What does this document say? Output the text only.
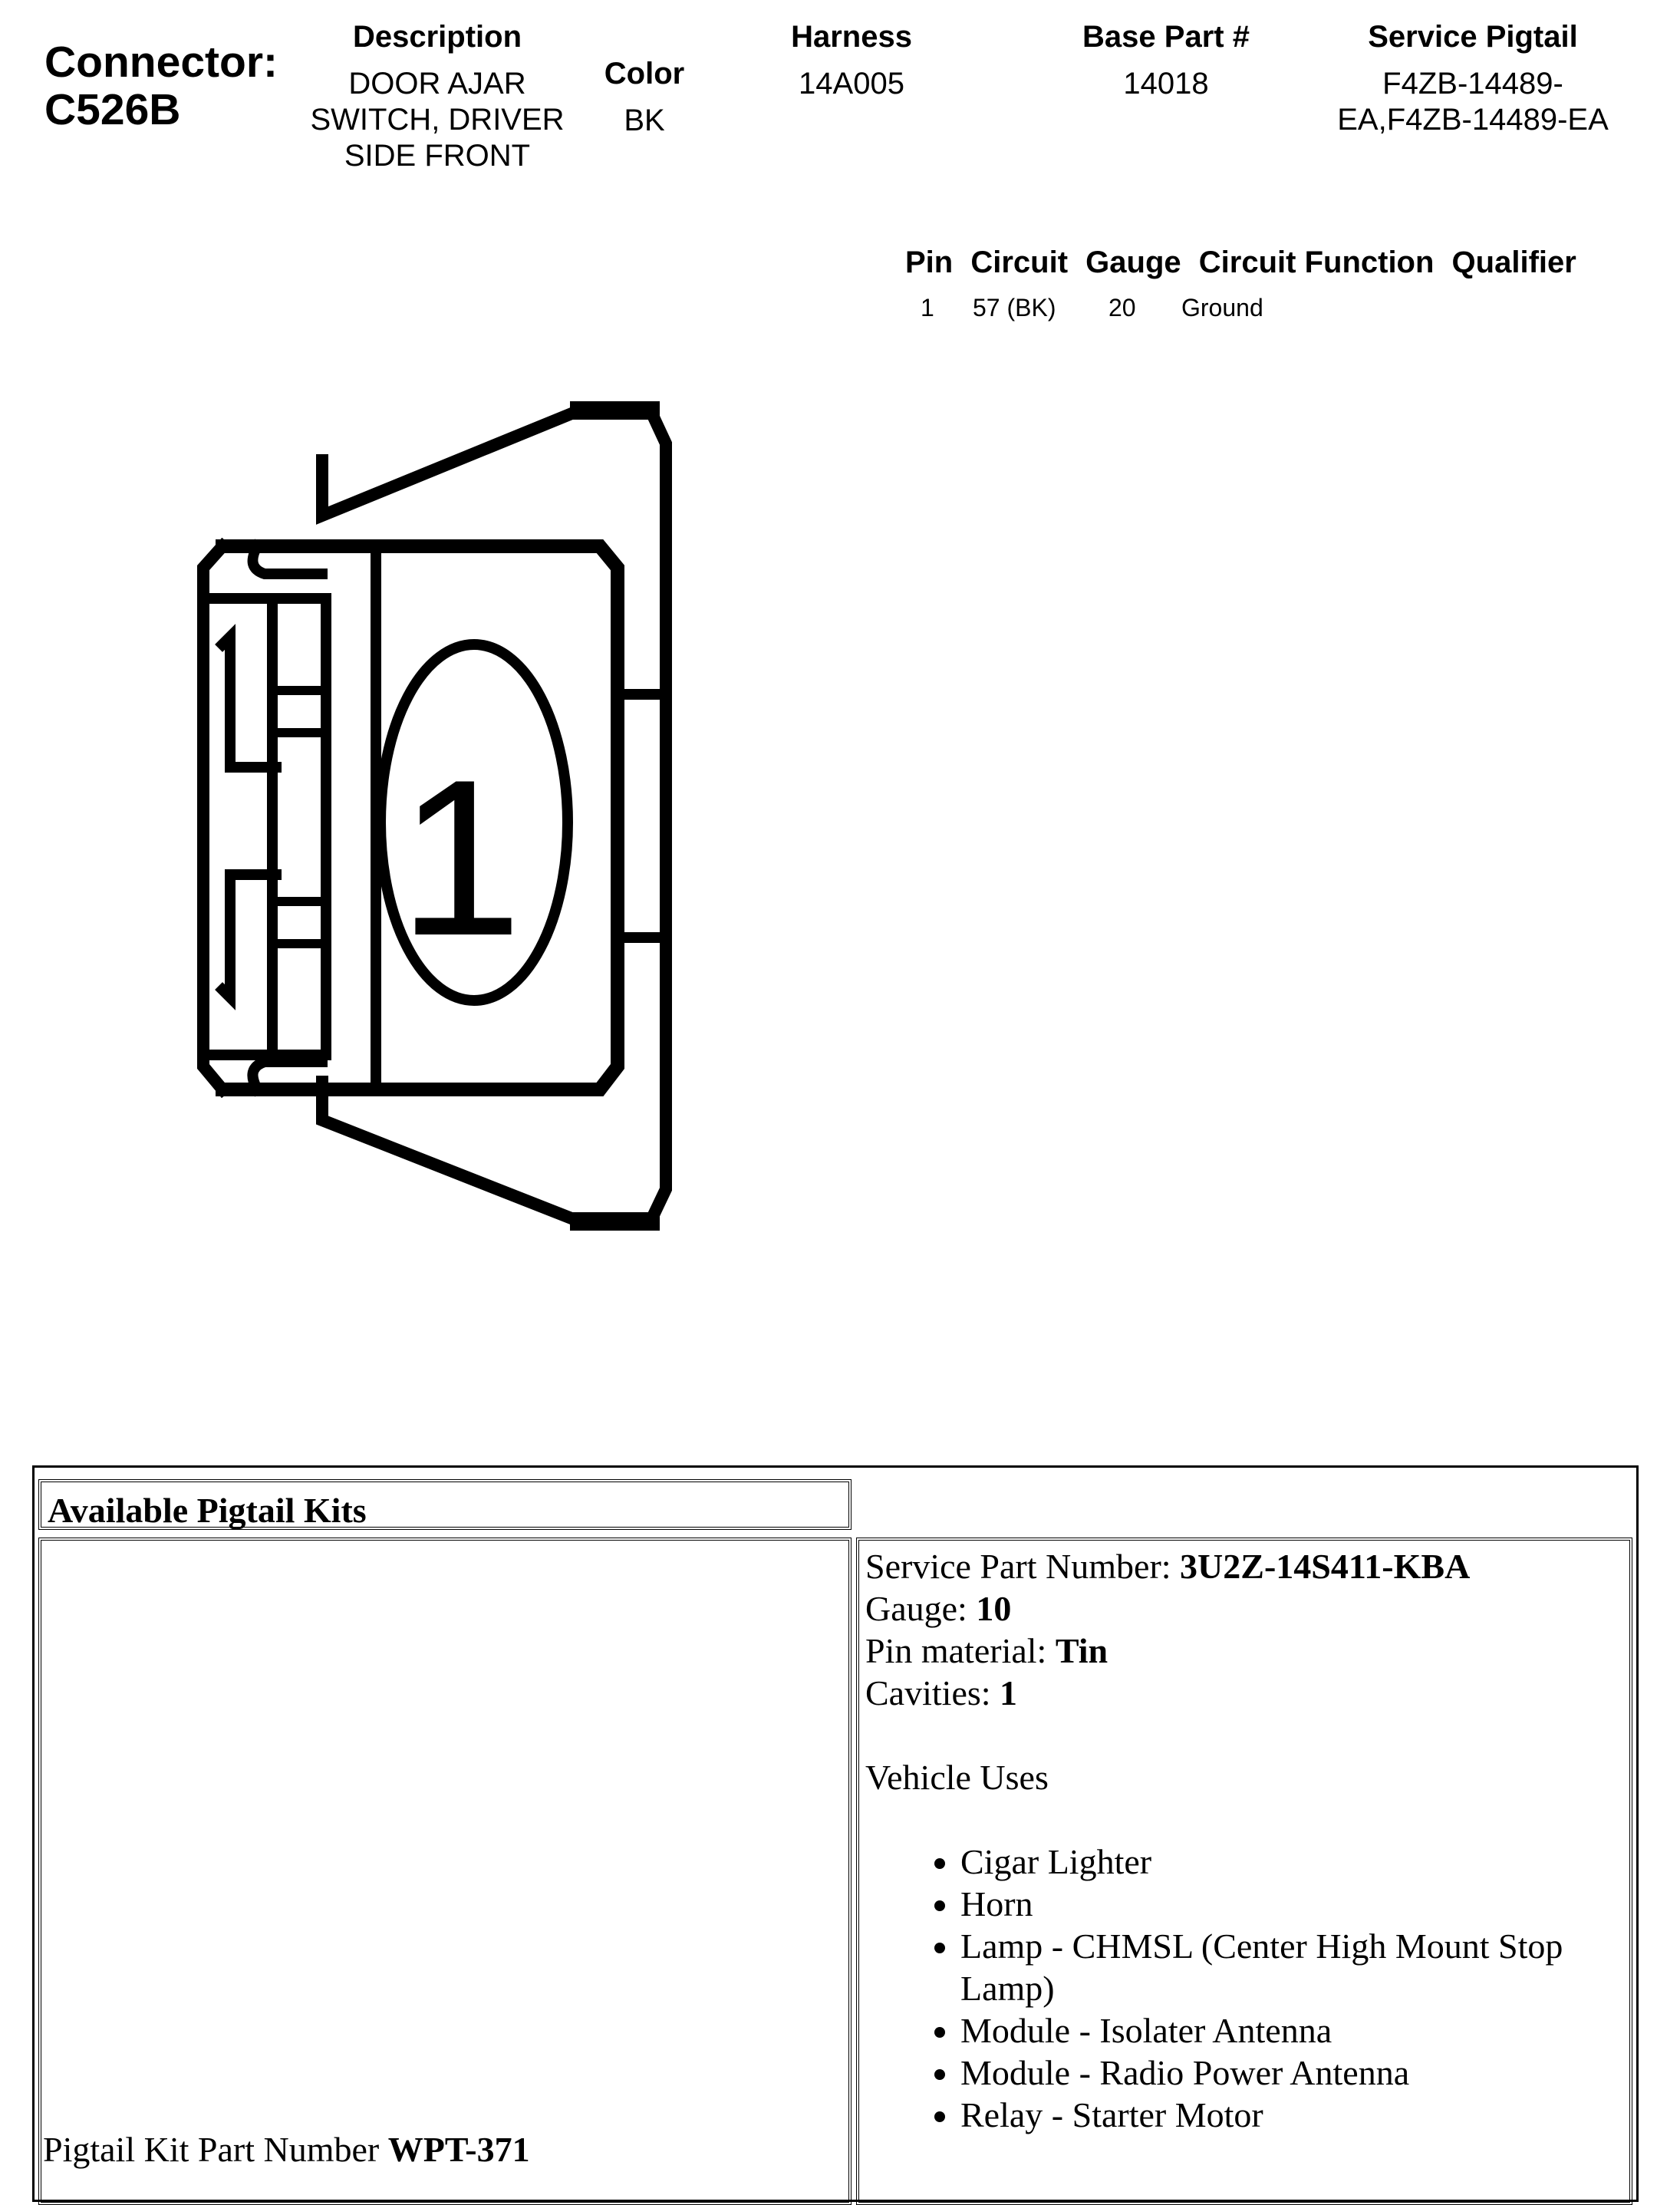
Connector:
C526B
Description
DOOR AJAR
SWITCH, DRIVER
SIDE FRONT
Color
BK
Harness
14A005
Base Part #
14018
Service Pigtail
F4ZB-14489-
EA,F4ZB-14489-EA
Pin Circuit Gauge Circuit Function Qualifier
1 57 (BK) 20 Ground
1
Available Pigtail Kits
Pigtail Kit Part Number WPT-371
Service Part Number: 3U2Z-14S411-KBA
Gauge: 10
Pin material: Tin
Cavities: 1
Vehicle Uses
• Cigar Lighter
• Horn
• Lamp - CHMSL (Center High Mount Stop Lamp)
• Module - Isolater Antenna
• Module - Radio Power Antenna
• Relay - Starter Motor
